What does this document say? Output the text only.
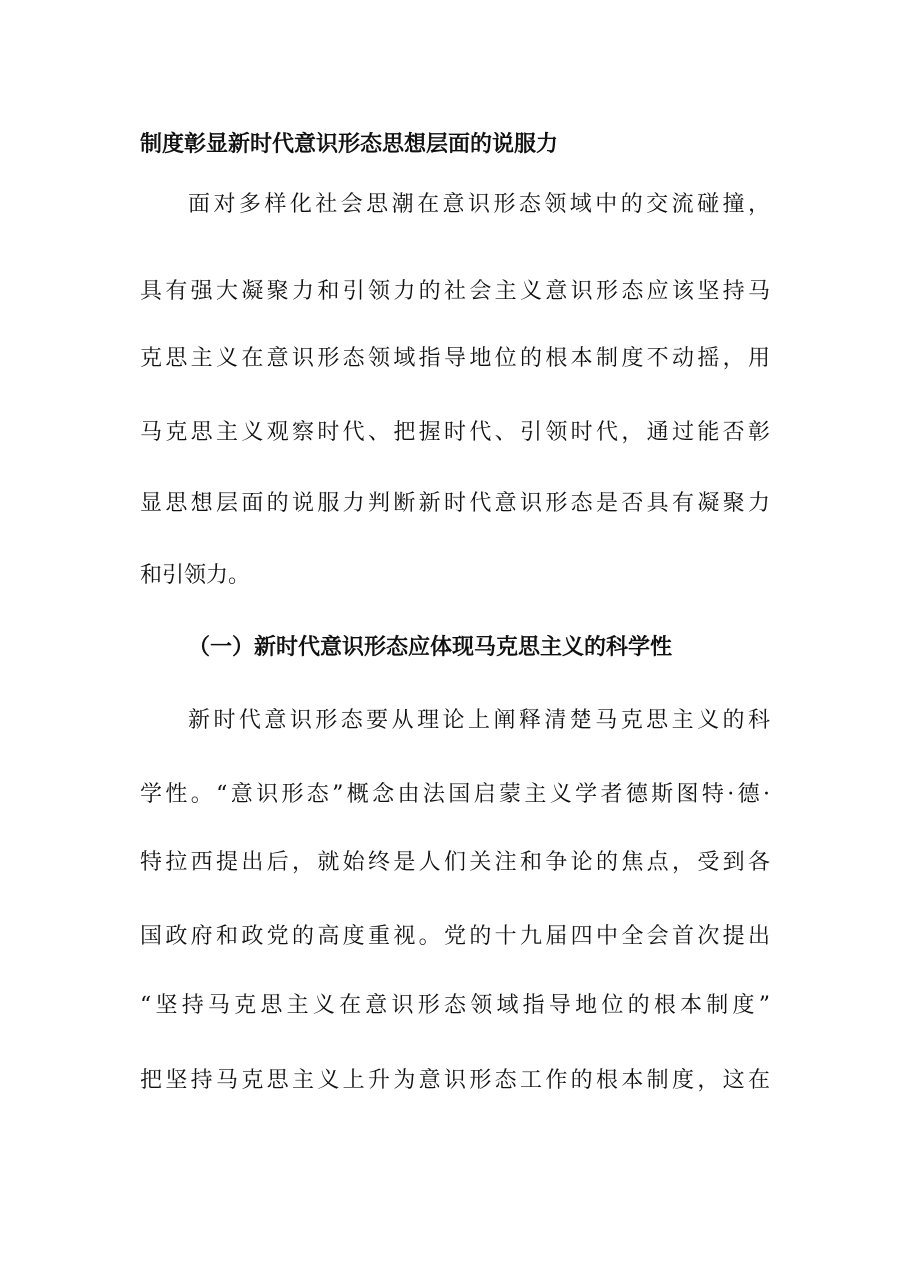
制度彰显新时代意识形态思想层面的说服力
面对多样化社会思潮在意识形态领域中的交流碰撞，
具有强大凝聚力和引领力的社会主义意识形态应该坚持马
克思主义在意识形态领域指导地位的根本制度不动摇，用
马克思主义观察时代、把握时代、引领时代，通过能否彰
显思想层面的说服力判断新时代意识形态是否具有凝聚力
和引领力。
（一）新时代意识形态应体现马克思主义的科学性
新时代意识形态要从理论上阐释清楚马克思主义的科
学性。“意识形态”概念由法国启蒙主义学者德斯图特·德·
特拉西提出后，就始终是人们关注和争论的焦点，受到各
国政府和政党的高度重视。党的十九届四中全会首次提出
“坚持马克思主义在意识形态领域指导地位的根本制度”
把坚持马克思主义上升为意识形态工作的根本制度，这在
